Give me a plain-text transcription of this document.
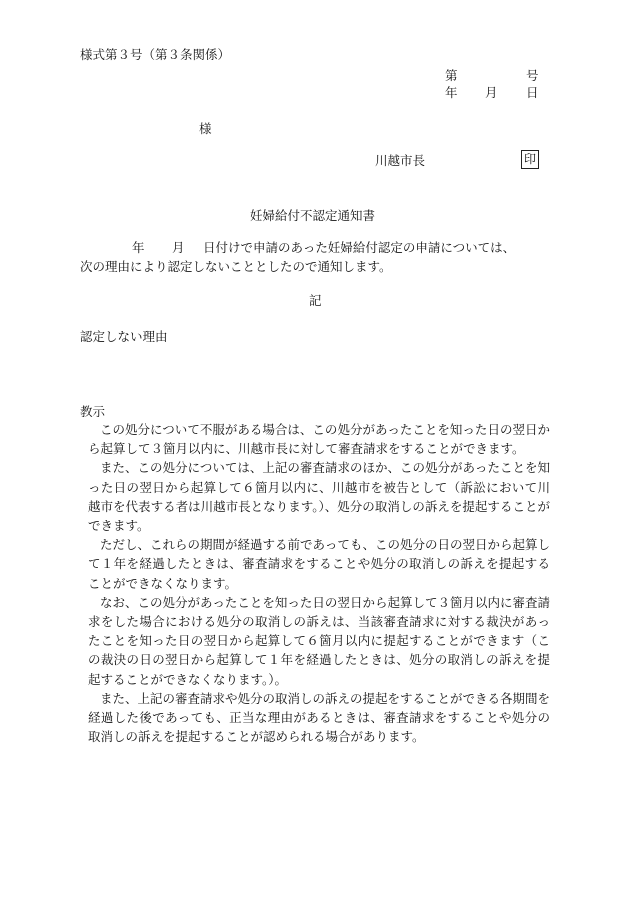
様式第３号（第３条関係）
第	号
年 月 日
様
川越市長	印
妊婦給付不認定通知書
年 月 日付けで申請のあった妊婦給付認定の申請については、
次の理由により認定しないこととしたので通知します。
記
認定しない理由
教示

この処分について不服がある場合は、この処分があったことを知った日の翌日から起算して３箇月以内に、川越市長に対して審査請求をすることができます。

また、この処分については、上記の審査請求のほか、この処分があったことを知った日の翌日から起算して６箇月以内に、川越市を被告として（訴訟において川越市を代表する者は川越市長となります。）、処分の取消しの訴えを提起することができます。

ただし、これらの期間が経過する前であっても、この処分の日の翌日から起算して１年を経過したときは、審査請求をすることや処分の取消しの訴えを提起することができなくなります。

なお、この処分があったことを知った日の翌日から起算して３箇月以内に審査請求をした場合における処分の取消しの訴えは、当該審査請求に対する裁決があったことを知った日の翌日から起算して６箇月以内に提起することができます（この裁決の日の翌日から起算して１年を経過したときは、処分の取消しの訴えを提起することができなくなります。）。

また、上記の審査請求や処分の取消しの訴えの提起をすることができる各期間を経過した後であっても、正当な理由があるときは、審査請求をすることや処分の取消しの訴えを提起することが認められる場合があります。
